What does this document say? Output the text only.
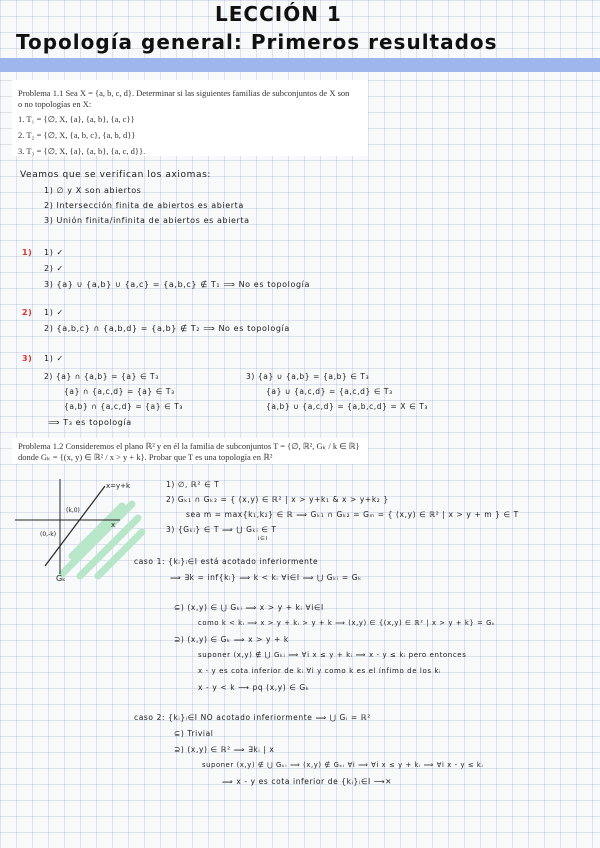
LECCIÓN 1
Topología general: Primeros resultados
Problema 1.1 Sea X = {a, b, c, d}. Determinar si las siguientes familias de subconjuntos de X son
o no topologías en X:
1. T₁ = {∅, X, {a}, {a, b}, {a, c}}
2. T₂ = {∅, X, {a, b, c}, {a, b, d}}
3. T₃ = {∅, X, {a}, {a, b}, {a, c, d}}.
Veamos que se verifican los axiomas:
1) ∅ y X son abiertos
2) Intersección finita de abiertos es abierta
3) Unión finita/infinita de abiertos es abierta
1) 1) ✓
2) ✓
3) {a} ∪ {a,b} ∪ {a,c} = {a,b,c} ∉ T₁ ⟹ No es topología
2) 1) ✓
2) {a,b,c} ∩ {a,b,d} = {a,b} ∉ T₂ ⟹ No es topología
3) 1) ✓
2) {a} ∩ {a,b} = {a} ∈ T₃
{a} ∩ {a,c,d} = {a} ∈ T₃
{a,b} ∩ {a,c,d} = {a} ∈ T₃
3) {a} ∪ {a,b} = {a,b} ∈ T₃
{a} ∪ {a,c,d} = {a,c,d} ∈ T₃
{a,b} ∪ {a,c,d} = {a,b,c,d} = X ∈ T₃
⟹ T₃ es topología
Problema 1.2 Consideremos el plano ℝ² y en él la familia de subconjuntos T = {∅, ℝ², Gₖ / k ∈ ℝ}
donde Gₖ = {(x, y) ∈ ℝ² / x > y + k}. Probar que T es una topología en ℝ²
x=y+k
(k,0)
(0,-k)
x
Gₖ
1) ∅, ℝ² ∈ T
2) Gₖ₁ ∩ Gₖ₂ = { (x,y) ∈ ℝ² | x > y+k₁ & x > y+k₂ }
sea m = max{k₁,k₂} ∈ ℝ ⟹ Gₖ₁ ∩ Gₖ₂ = Gₘ = { (x,y) ∈ ℝ² | x > y + m } ∈ T
3) {Gₖᵢ} ∈ T ⟹ ⋃ Gₖᵢ ∈ T
i∈I
caso 1: {kᵢ}ᵢ∈I está acotado inferiormente
⟹ ∃k = inf{kᵢ} ⟹ k < kᵢ ∀i∈I ⟹ ⋃ Gₖᵢ = Gₖ
⊆) (x,y) ∈ ⋃ Gₖᵢ ⟹ x > y + kᵢ ∀i∈I
como k < kᵢ ⟹ x > y + kᵢ > y + k ⟹ (x,y) ∈ {(x,y) ∈ ℝ² | x > y + k} = Gₖ
⊇) (x,y) ∈ Gₖ ⟹ x > y + k
suponer (x,y) ∉ ⋃ Gₖᵢ ⟹ ∀i x ≤ y + kᵢ ⟹ x - y ≤ kᵢ pero entonces
x - y es cota inferior de kᵢ ∀i y como k es el ínfimo de los kᵢ
x - y < k ⟶ pq (x,y) ∈ Gₖ
caso 2: {kᵢ}ᵢ∈I NO acotado inferiormente ⟹ ⋃ Gᵢ = ℝ²
⊆) Trivial
⊇) (x,y) ∈ ℝ² ⟹ ∃kᵢ | x
suponer (x,y) ∉ ⋃ Gₖᵢ ⟹ (x,y) ∉ Gₖᵢ ∀i ⟹ ∀i x ≤ y + kᵢ ⟹ ∀i x - y ≤ kᵢ
⟹ x - y es cota inferior de {kᵢ}ᵢ∈I ⟶✕
